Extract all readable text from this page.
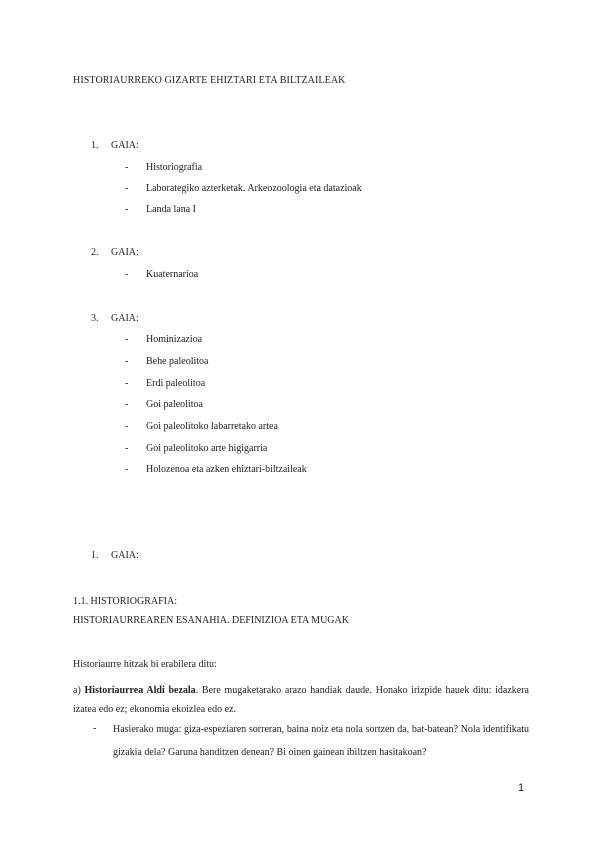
HISTORIAURREKO GIZARTE EHIZTARI ETA BILTZAILEAK
1. GAIA:
- Historiografia
- Laborategiko azterketak. Arkeozoologia eta datazioak
- Landa lana I
2. GAIA:
- Kuaternarioa
3. GAIA:
- Hominizazioa
- Behe paleolitoa
- Erdi paleolitoa
- Goi paleolitoa
- Goi paleolitoko labarretako artea
- Goi paleolitoko arte higigarria
- Holozenoa eta azken ehiztari-biltzaileak
1. GAIA:
1.1. HISTORIOGRAFIA:
HISTORIAURREAREN ESANAHIA. DEFINIZIOA ETA MUGAK
Historiaurre hitzak bi erabilera ditu:
a) Historiaurrea Aldi bezala. Bere mugaketarako arazo handiak daude. Honako irizpide hauek ditu: idazkera izatea edo ez; ekonomia ekoizlea edo ez.
- Hasierako muga: giza-espeziaren sorreran, baina noiz eta nola sortzen da, bat-batean? Nola identifikatu gizakia dela? Garuna handitzen denean? Bi oinen gainean ibiltzen hasitakoan?
1
